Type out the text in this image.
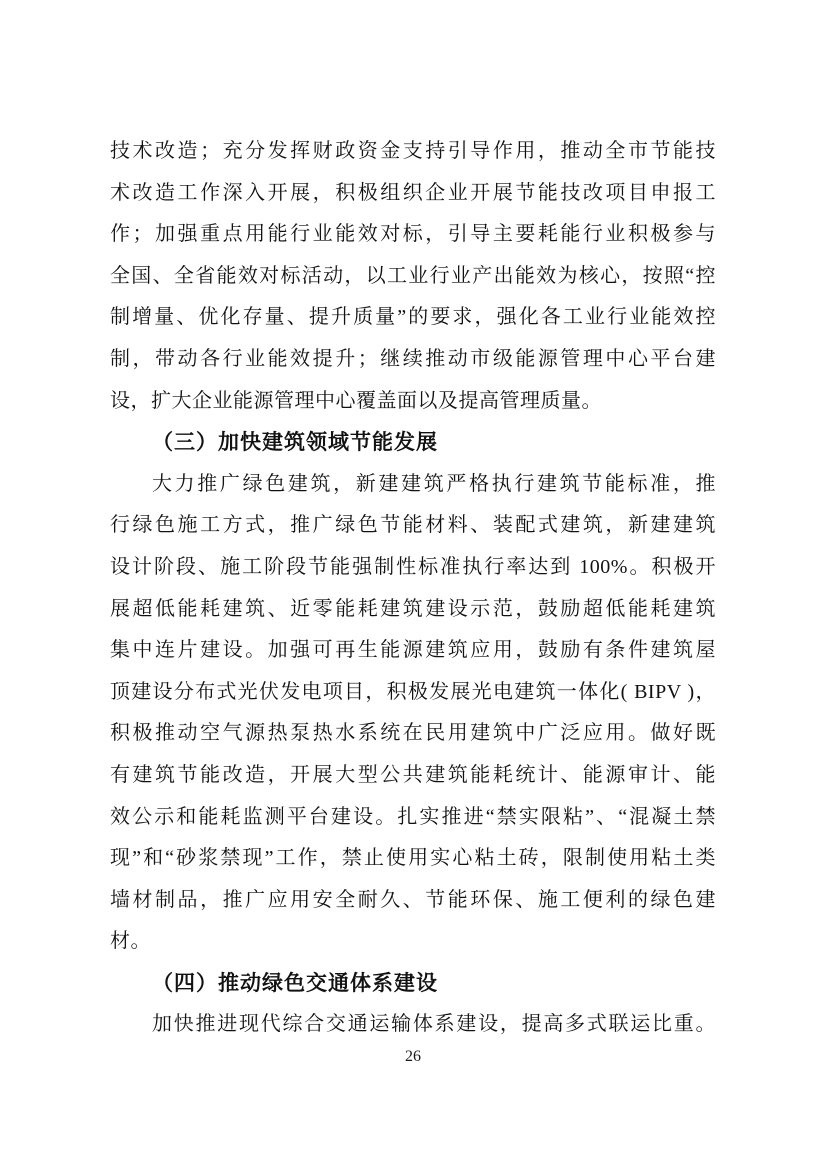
技术改造；充分发挥财政资金支持引导作用，推动全市节能技
术改造工作深入开展，积极组织企业开展节能技改项目申报工
作；加强重点用能行业能效对标，引导主要耗能行业积极参与
全国、全省能效对标活动，以工业行业产出能效为核心，按照“控
制增量、优化存量、提升质量”的要求，强化各工业行业能效控
制，带动各行业能效提升；继续推动市级能源管理中心平台建
设，扩大企业能源管理中心覆盖面以及提高管理质量。
（三）加快建筑领域节能发展
大力推广绿色建筑，新建建筑严格执行建筑节能标准，推
行绿色施工方式，推广绿色节能材料、装配式建筑，新建建筑
设计阶段、施工阶段节能强制性标准执行率达到 100%。积极开
展超低能耗建筑、近零能耗建筑建设示范，鼓励超低能耗建筑
集中连片建设。加强可再生能源建筑应用，鼓励有条件建筑屋
顶建设分布式光伏发电项目，积极发展光电建筑一体化( BIPV )，
积极推动空气源热泵热水系统在民用建筑中广泛应用。做好既
有建筑节能改造，开展大型公共建筑能耗统计、能源审计、能
效公示和能耗监测平台建设。扎实推进“禁实限粘”、“混凝土禁
现”和“砂浆禁现”工作，禁止使用实心粘土砖，限制使用粘土类
墙材制品，推广应用安全耐久、节能环保、施工便利的绿色建
材。
（四）推动绿色交通体系建设
加快推进现代综合交通运输体系建设，提高多式联运比重。
26
